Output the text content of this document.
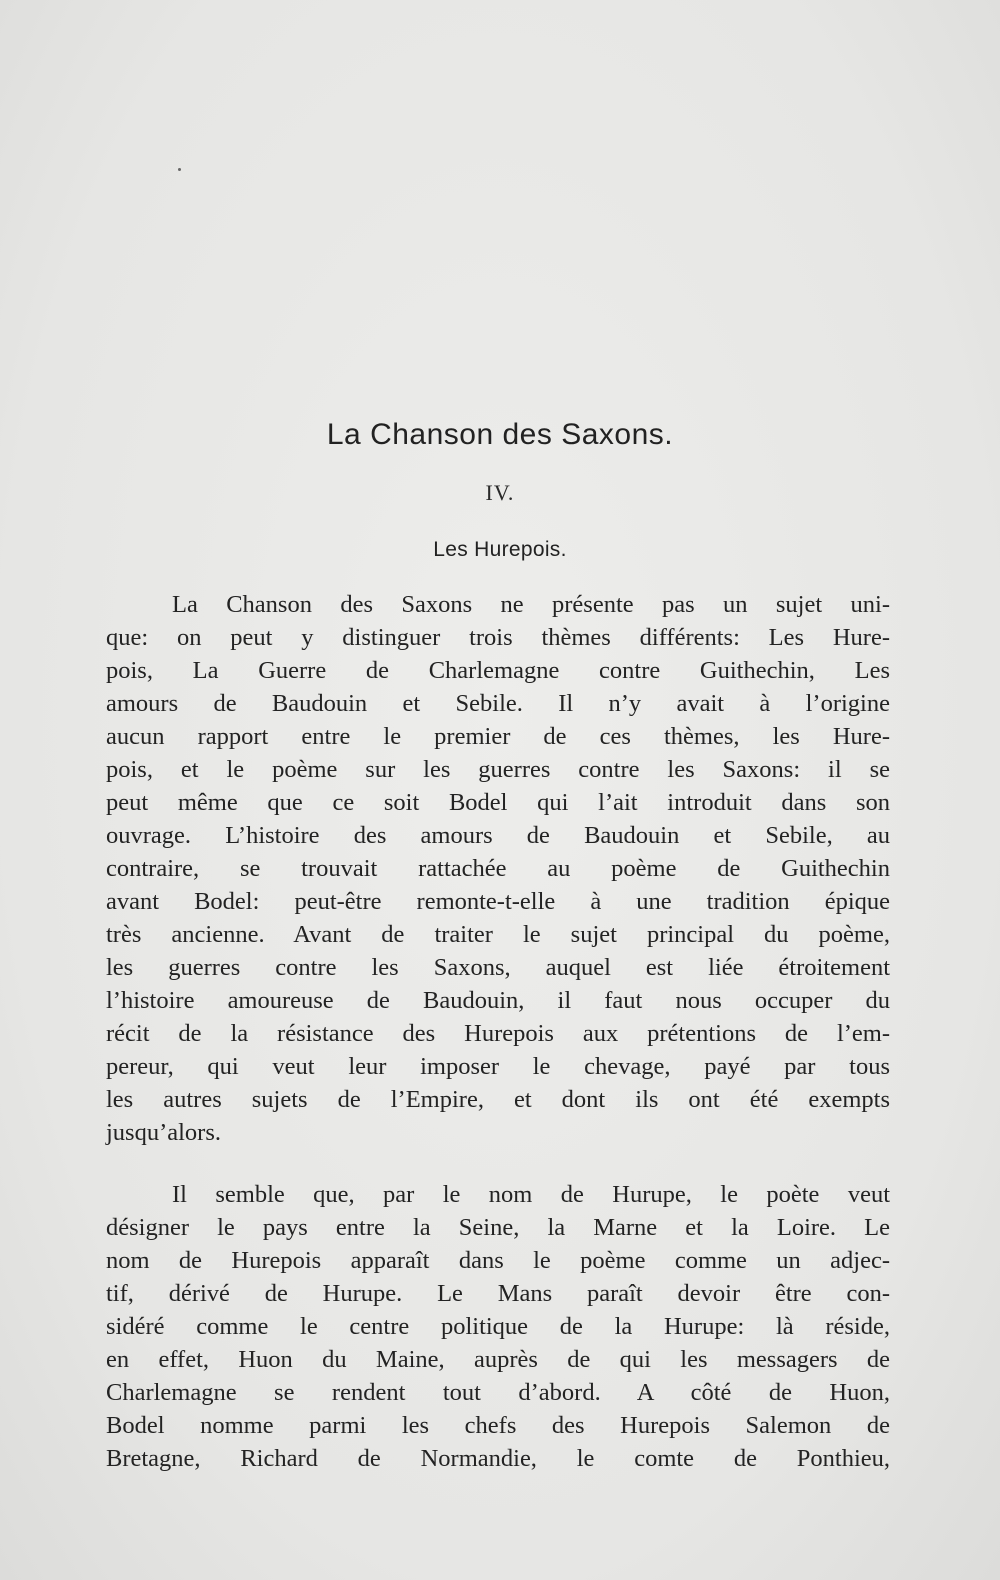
La Chanson des Saxons.
IV.
Les Hurepois.
La Chanson des Saxons ne présente pas un sujet uni-
que: on peut y distinguer trois thèmes différents: Les Hure-
pois, La Guerre de Charlemagne contre Guithechin, Les
amours de Baudouin et Sebile. Il n’y avait à l’origine
aucun rapport entre le premier de ces thèmes, les Hure-
pois, et le poème sur les guerres contre les Saxons: il se
peut même que ce soit Bodel qui l’ait introduit dans son
ouvrage. L’histoire des amours de Baudouin et Sebile, au
contraire, se trouvait rattachée au poème de Guithechin
avant Bodel: peut-être remonte-t-elle à une tradition épique
très ancienne. Avant de traiter le sujet principal du poème,
les guerres contre les Saxons, auquel est liée étroitement
l’histoire amoureuse de Baudouin, il faut nous occuper du
récit de la résistance des Hurepois aux prétentions de l’em-
pereur, qui veut leur imposer le chevage, payé par tous
les autres sujets de l’Empire, et dont ils ont été exempts
jusqu’alors.
Il semble que, par le nom de Hurupe, le poète veut
désigner le pays entre la Seine, la Marne et la Loire. Le
nom de Hurepois apparaît dans le poème comme un adjec-
tif, dérivé de Hurupe. Le Mans paraît devoir être con-
sidéré comme le centre politique de la Hurupe: là réside,
en effet, Huon du Maine, auprès de qui les messagers de
Charlemagne se rendent tout d’abord. A côté de Huon,
Bodel nomme parmi les chefs des Hurepois Salemon de
Bretagne, Richard de Normandie, le comte de Ponthieu,
